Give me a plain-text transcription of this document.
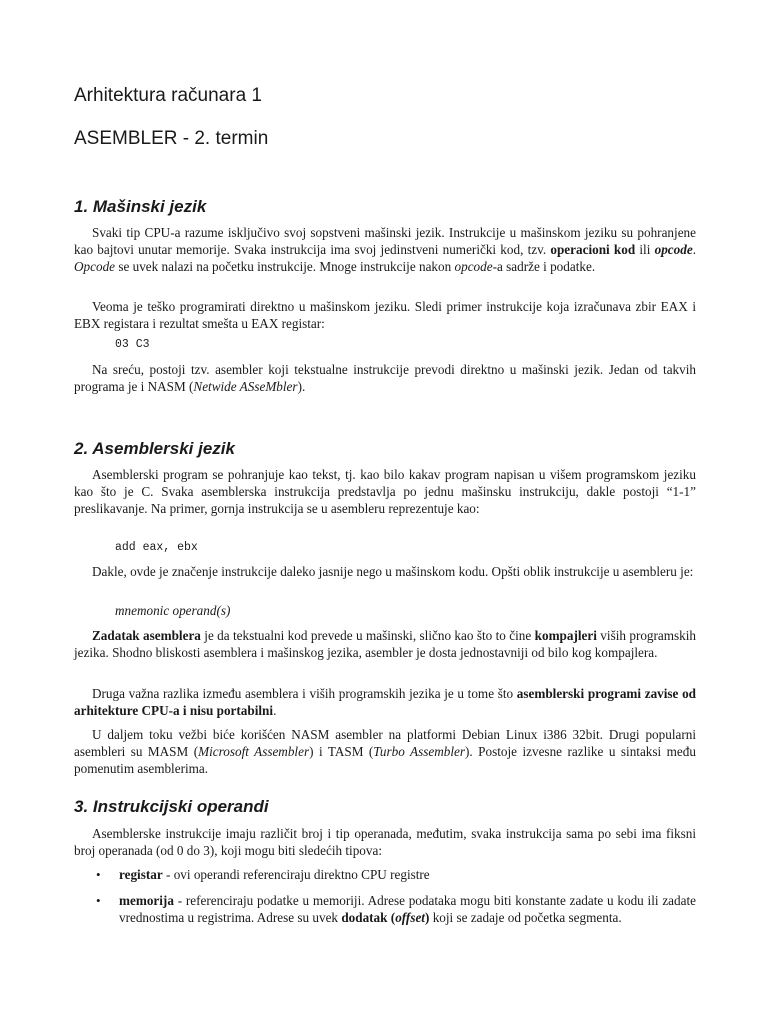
Arhitektura računara 1
ASEMBLER - 2. termin
1. Mašinski jezik

Svaki tip CPU-a razume isključivo svoj sopstveni mašinski jezik. Instrukcije u mašinskom jeziku su pohranjene kao bajtovi unutar memorije. Svaka instrukcija ima svoj jedinstveni numerički kod, tzv. operacioni kod ili opcode. Opcode se uvek nalazi na početku instrukcije. Mnoge instrukcije nakon opcode-a sadrže i podatke.

Veoma je teško programirati direktno u mašinskom jeziku. Sledi primer instrukcije koja izračunava zbir EAX i EBX registara i rezultat smešta u EAX registar:

03 C3

Na sreću, postoji tzv. asembler koji tekstualne instrukcije prevodi direktno u mašinski jezik. Jedan od takvih programa je i NASM (Netwide ASseMbler).

2. Asemblerski jezik

Asemblerski program se pohranjuje kao tekst, tj. kao bilo kakav program napisan u višem programskom jeziku kao što je C. Svaka asemblerska instrukcija predstavlja po jednu mašinsku instrukciju, dakle postoji “1-1” preslikavanje. Na primer, gornja instrukcija se u asembleru reprezentuje kao:

add eax, ebx

Dakle, ovde je značenje instrukcije daleko jasnije nego u mašinskom kodu. Opšti oblik instrukcije u asembleru je:

mnemonic operand(s)

Zadatak asemblera je da tekstualni kod prevede u mašinski, slično kao što to čine kompajleri viših programskih jezika. Shodno bliskosti asemblera i mašinskog jezika, asembler je dosta jednostavniji od bilo kog kompajlera.

Druga važna razlika između asemblera i viših programskih jezika je u tome što asemblerski programi zavise od arhitekture CPU-a i nisu portabilni.

U daljem toku vežbi biće korišćen NASM asembler na platformi Debian Linux i386 32bit. Drugi popularni asembleri su MASM (Microsoft Assembler) i TASM (Turbo Assembler). Postoje izvesne razlike u sintaksi među pomenutim asemblerima.

3. Instrukcijski operandi

Asemblerske instrukcije imaju različit broj i tip operanada, međutim, svaka instrukcija sama po sebi ima fiksni broj operanada (od 0 do 3), koji mogu biti sledećih tipova:

• registar - ovi operandi referenciraju direktno CPU registre
• memorija - referenciraju podatke u memoriji. Adrese podataka mogu biti konstante zadate u kodu ili zadate vrednostima u registrima. Adrese su uvek dodatak (offset) koji se zadaje od početka segmenta.
